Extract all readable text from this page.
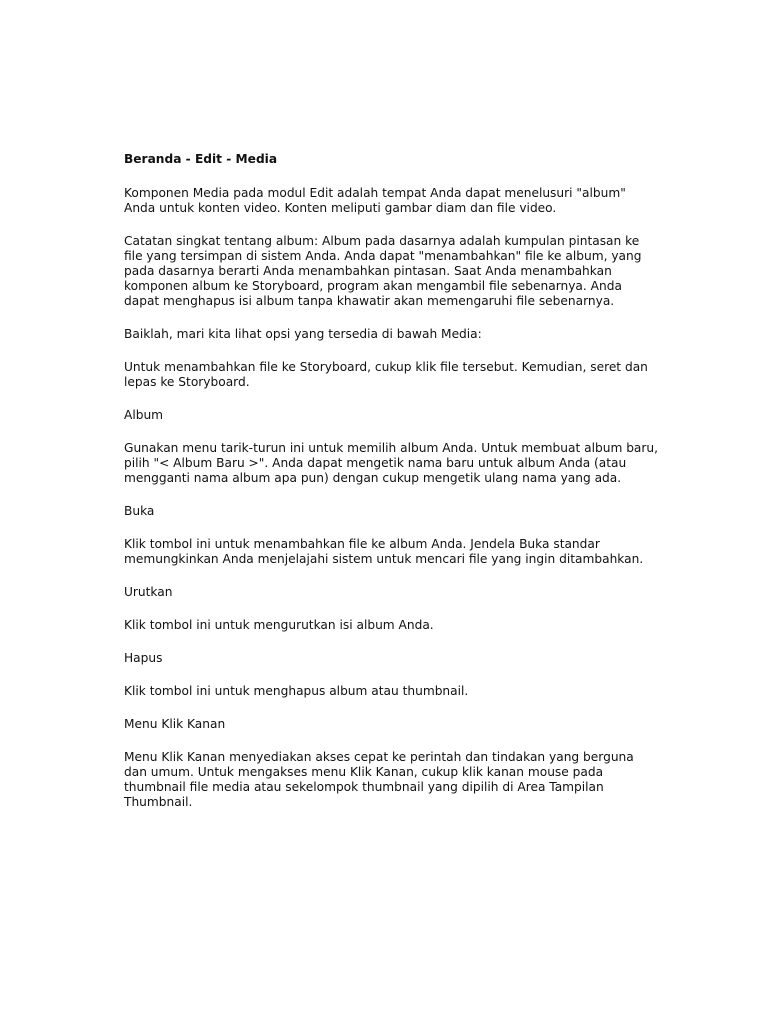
Beranda - Edit - Media

Komponen Media pada modul Edit adalah tempat Anda dapat menelusuri "album" Anda untuk konten video. Konten meliputi gambar diam dan file video.

Catatan singkat tentang album: Album pada dasarnya adalah kumpulan pintasan ke file yang tersimpan di sistem Anda. Anda dapat "menambahkan" file ke album, yang pada dasarnya berarti Anda menambahkan pintasan. Saat Anda menambahkan komponen album ke Storyboard, program akan mengambil file sebenarnya. Anda dapat menghapus isi album tanpa khawatir akan memengaruhi file sebenarnya.

Baiklah, mari kita lihat opsi yang tersedia di bawah Media:

Untuk menambahkan file ke Storyboard, cukup klik file tersebut. Kemudian, seret dan lepas ke Storyboard.

Album

Gunakan menu tarik-turun ini untuk memilih album Anda. Untuk membuat album baru, pilih "< Album Baru >". Anda dapat mengetik nama baru untuk album Anda (atau mengganti nama album apa pun) dengan cukup mengetik ulang nama yang ada.

Buka

Klik tombol ini untuk menambahkan file ke album Anda. Jendela Buka standar memungkinkan Anda menjelajahi sistem untuk mencari file yang ingin ditambahkan.

Urutkan

Klik tombol ini untuk mengurutkan isi album Anda.

Hapus

Klik tombol ini untuk menghapus album atau thumbnail.

Menu Klik Kanan

Menu Klik Kanan menyediakan akses cepat ke perintah dan tindakan yang berguna dan umum. Untuk mengakses menu Klik Kanan, cukup klik kanan mouse pada thumbnail file media atau sekelompok thumbnail yang dipilih di Area Tampilan Thumbnail.
